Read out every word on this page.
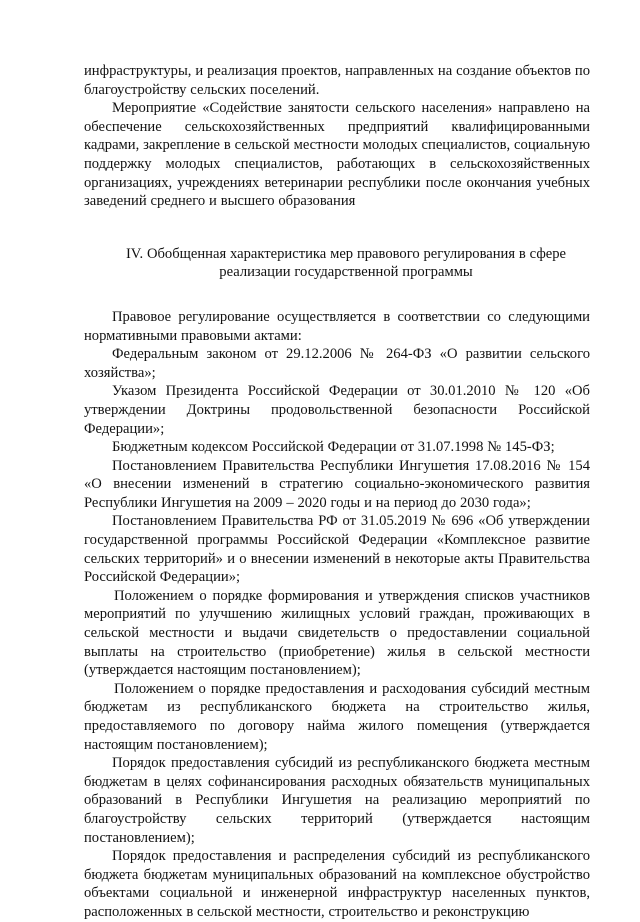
инфраструктуры, и реализация проектов, направленных на создание объектов по благоустройству сельских поселений.

Мероприятие «Содействие занятости сельского населения» направлено на обеспечение сельскохозяйственных предприятий квалифицированными кадрами, закрепление в сельской местности молодых специалистов, социальную поддержку молодых специалистов, работающих в сельскохозяйственных организациях, учреждениях ветеринарии республики после окончания учебных заведений среднего и высшего образования

IV. Обобщенная характеристика мер правового регулирования в сфере реализации государственной программы

Правовое регулирование осуществляется в соответствии со следующими нормативными правовыми актами:

Федеральным законом от 29.12.2006 № 264-ФЗ «О развитии сельского хозяйства»;

Указом Президента Российской Федерации от 30.01.2010 № 120 «Об утверждении Доктрины продовольственной безопасности Российской Федерации»;

Бюджетным кодексом Российской Федерации от 31.07.1998 № 145-ФЗ;

Постановлением Правительства Республики Ингушетия 17.08.2016 № 154 «О внесении изменений в стратегию социально-экономического развития Республики Ингушетия на 2009 – 2020 годы и на период до 2030 года»;

Постановлением Правительства РФ от 31.05.2019 № 696 «Об утверждении государственной программы Российской Федерации «Комплексное развитие сельских территорий» и о внесении изменений в некоторые акты Правительства Российской Федерации»;

Положением о порядке формирования и утверждения списков участников мероприятий по улучшению жилищных условий граждан, проживающих в сельской местности и выдачи свидетельств о предоставлении социальной выплаты на строительство (приобретение) жилья в сельской местности (утверждается настоящим постановлением);

Положением о порядке предоставления и расходования субсидий местным бюджетам из республиканского бюджета на строительство жилья, предоставляемого по договору найма жилого помещения (утверждается настоящим постановлением);

Порядок предоставления субсидий из республиканского бюджета местным бюджетам в целях софинансирования расходных обязательств муниципальных образований в Республики Ингушетия на реализацию мероприятий по благоустройству сельских территорий (утверждается настоящим постановлением);

Порядок предоставления и распределения субсидий из республиканского бюджета бюджетам муниципальных образований на комплексное обустройство объектами социальной и инженерной инфраструктур населенных пунктов, расположенных в сельской местности, строительство и реконструкцию
